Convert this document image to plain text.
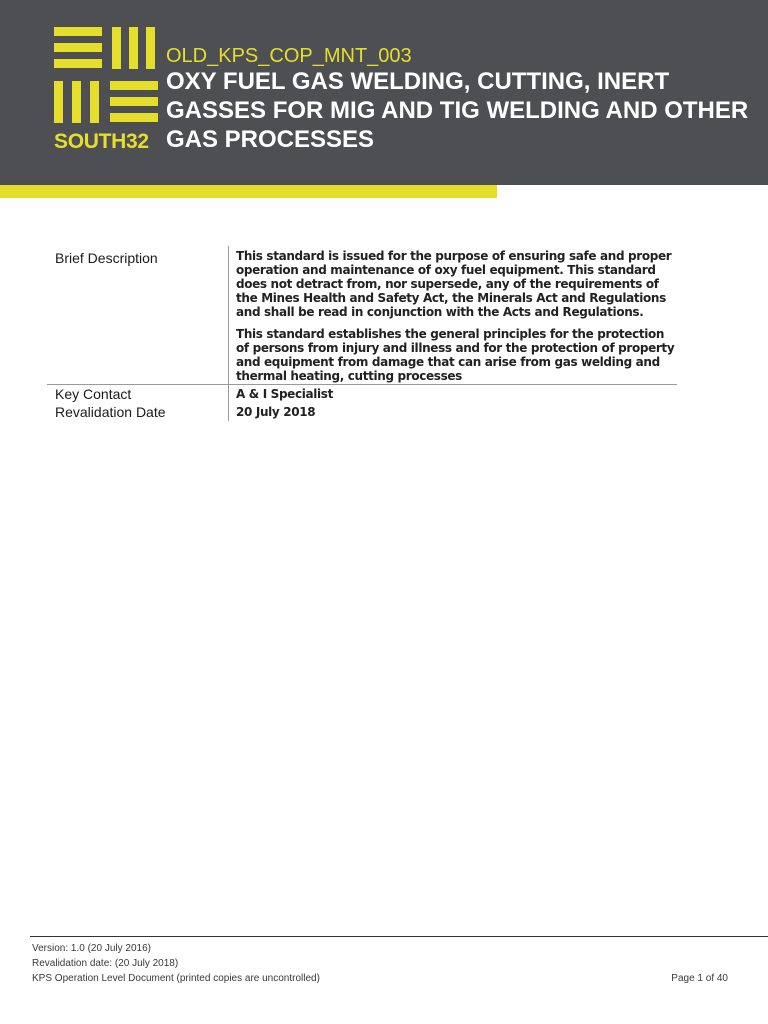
SOUTH32
OLD_KPS_COP_MNT_003
OXY FUEL GAS WELDING, CUTTING, INERT GASSES FOR MIG AND TIG WELDING AND OTHER GAS PROCESSES
Brief Description	This standard is issued for the purpose of ensuring safe and proper operation and maintenance of oxy fuel equipment. This standard does not detract from, nor supersede, any of the requirements of the Mines Health and Safety Act, the Minerals Act and Regulations and shall be read in conjunction with the Acts and Regulations.

This standard establishes the general principles for the protection of persons from injury and illness and for the protection of property and equipment from damage that can arise from gas welding and thermal heating, cutting processes

Key Contact	A & I Specialist
Revalidation Date	20 July 2018
Version: 1.0 (20 July 2016)
Revalidation date: (20 July 2018)
KPS Operation Level Document (printed copies are uncontrolled)	Page 1 of 40
